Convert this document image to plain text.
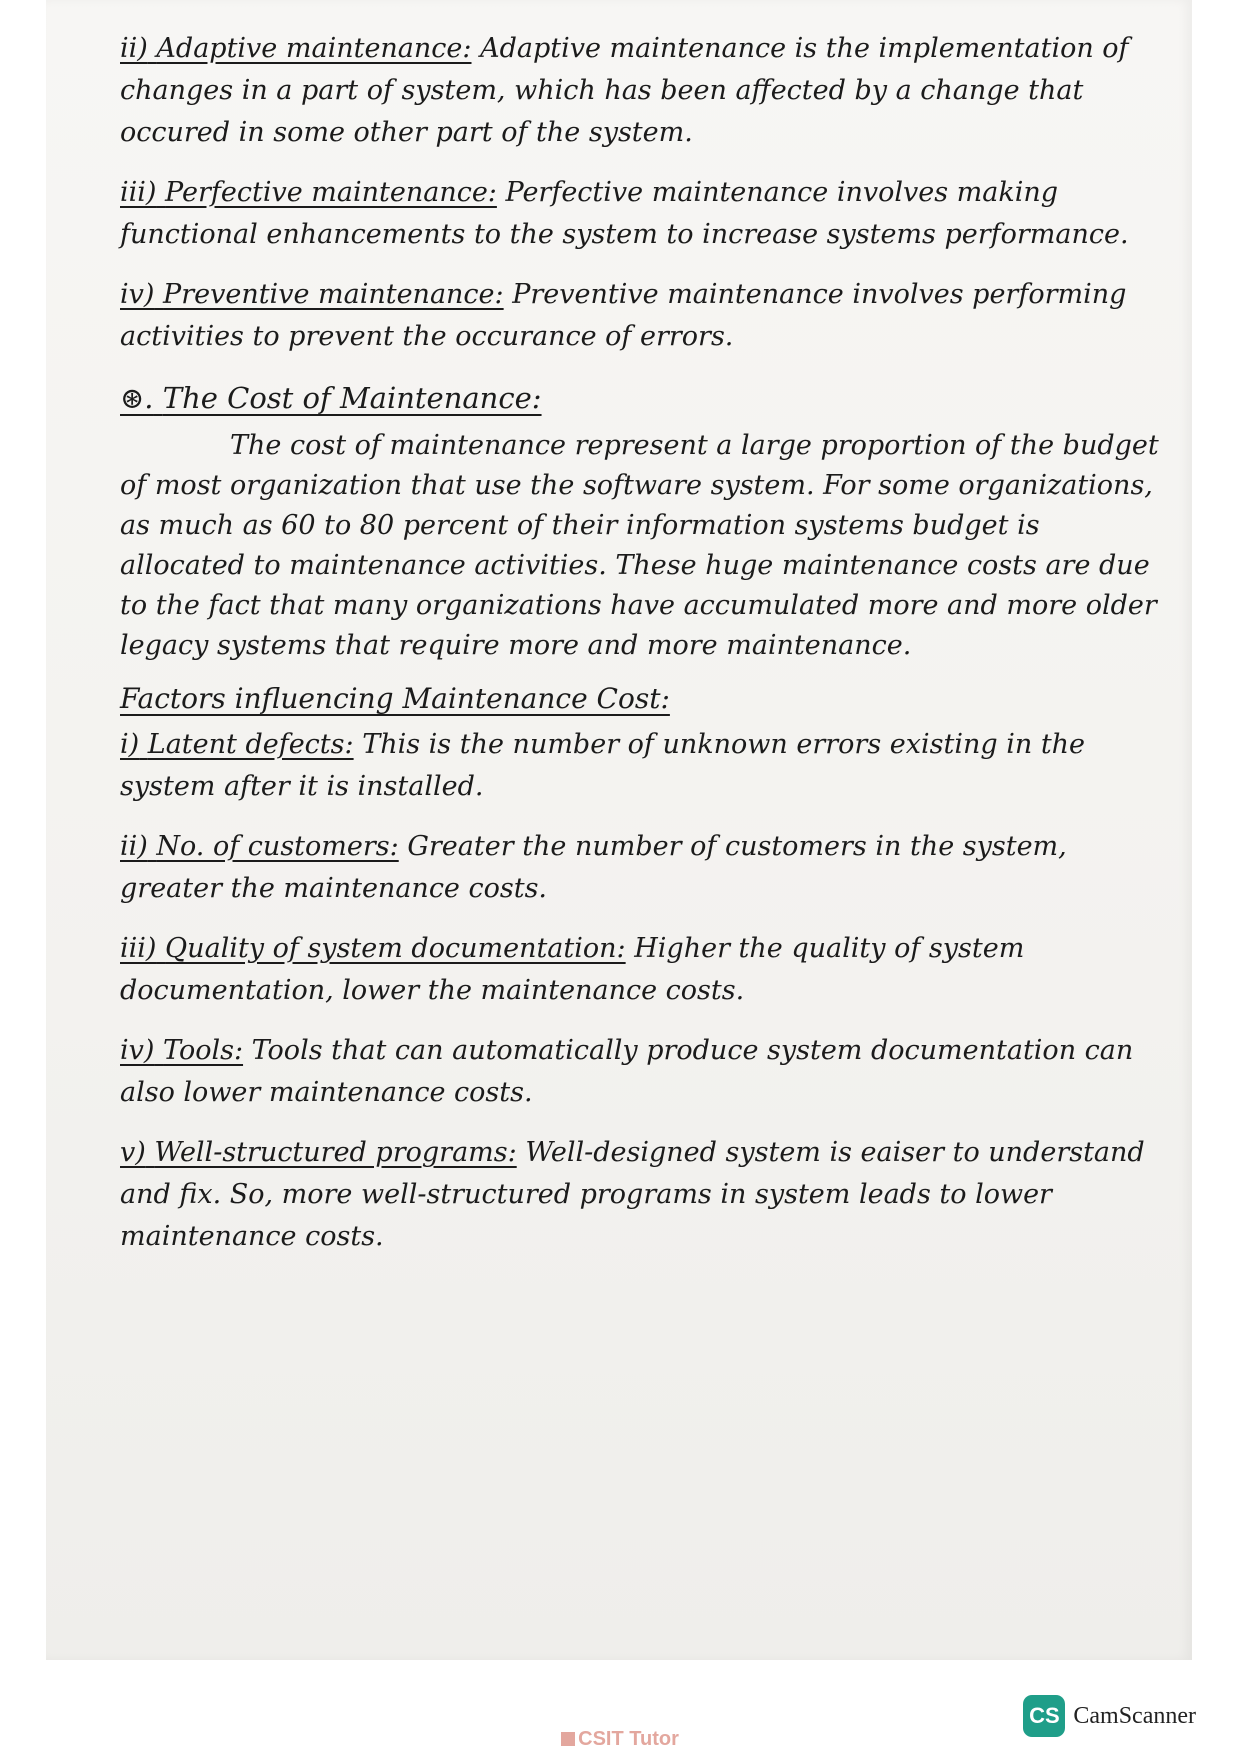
ii) Adaptive maintenance: Adaptive maintenance is the implementation of changes in a part of system, which has been affected by a change that occured in some other part of the system.

iii) Perfective maintenance: Perfective maintenance involves making functional enhancements to the system to increase systems performance.

iv) Preventive maintenance: Preventive maintenance involves performing activities to prevent the occurance of errors.

⊛. The Cost of Maintenance:

The cost of maintenance represent a large proportion of the budget of most organization that use the software system. For some organizations, as much as 60 to 80 percent of their information systems budget is allocated to maintenance activities. These huge maintenance costs are due to the fact that many organizations have accumulated more and more older legacy systems that require more and more maintenance.

Factors influencing Maintenance Cost:

i) Latent defects: This is the number of unknown errors existing in the system after it is installed.

ii) No. of customers: Greater the number of customers in the system, greater the maintenance costs.

iii) Quality of system documentation: Higher the quality of system documentation, lower the maintenance costs.

iv) Tools: Tools that can automatically produce system documentation can also lower maintenance costs.

v) Well-structured programs: Well-designed system is eaiser to understand and fix. So, more well-structured programs in system leads to lower maintenance costs.

CS CamScanner
CSIT Tutor
